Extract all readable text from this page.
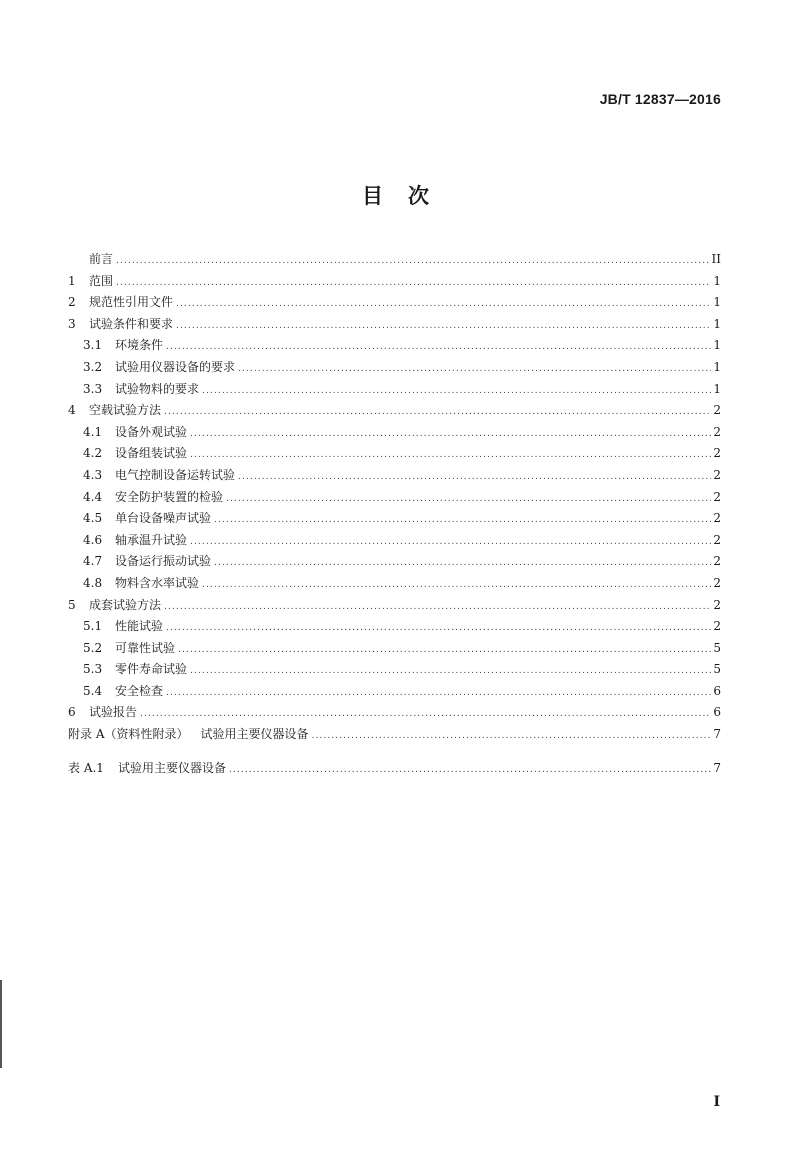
JB/T 12837—2016
目　次
前言 .....	II
1	范围 .....	1
2	规范性引用文件 .....	1
3	试验条件和要求 .....	1
3.1	环境条件 .....	1
3.2	试验用仪器设备的要求 .....	1
3.3	试验物料的要求 .....	1
4	空载试验方法 .....	2
4.1	设备外观试验 .....	2
4.2	设备组装试验 .....	2
4.3	电气控制设备运转试验 .....	2
4.4	安全防护装置的检验 .....	2
4.5	单台设备噪声试验 .....	2
4.6	轴承温升试验 .....	2
4.7	设备运行振动试验 .....	2
4.8	物料含水率试验 .....	2
5	成套试验方法 .....	2
5.1	性能试验 .....	2
5.2	可靠性试验 .....	5
5.3	零件寿命试验 .....	5
5.4	安全检查 .....	6
6	试验报告 .....	6
附录 A（资料性附录） 试验用主要仪器设备 .....	7
表 A.1 试验用主要仪器设备 .....	7
I
